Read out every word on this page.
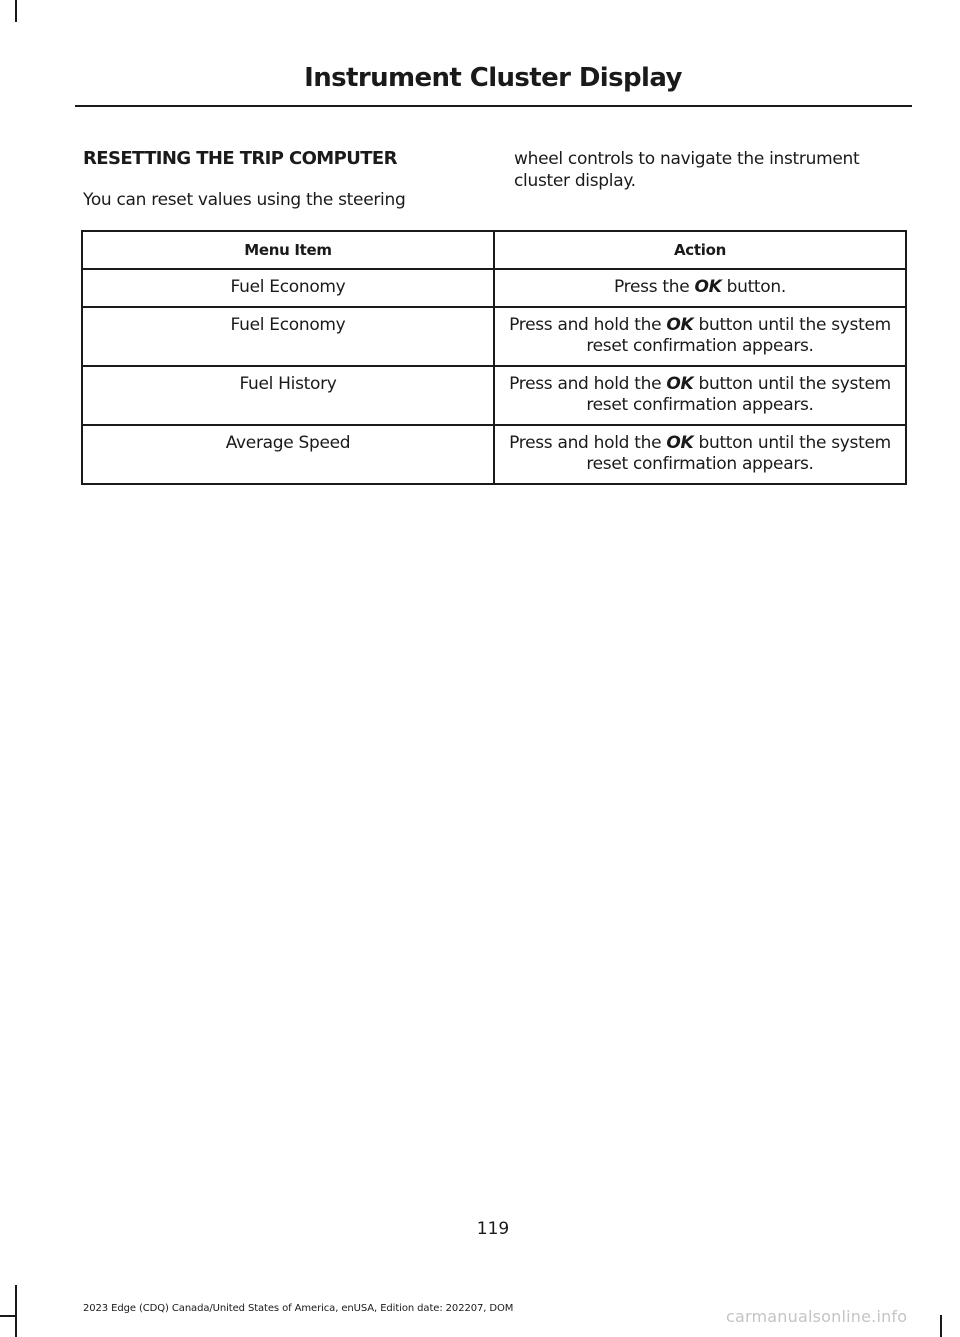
Instrument Cluster Display
RESETTING THE TRIP COMPUTER

You can reset values using the steering

wheel controls to navigate the instrument cluster display.

Menu Item	Action
Fuel Economy	Press the OK button.
Fuel Economy	Press and hold the OK button until the system reset confirmation appears.
Fuel History	Press and hold the OK button until the system reset confirmation appears.
Average Speed	Press and hold the OK button until the system reset confirmation appears.

119

2023 Edge (CDQ) Canada/United States of America, enUSA, Edition date: 202207, DOM	carmanualsonline.info
